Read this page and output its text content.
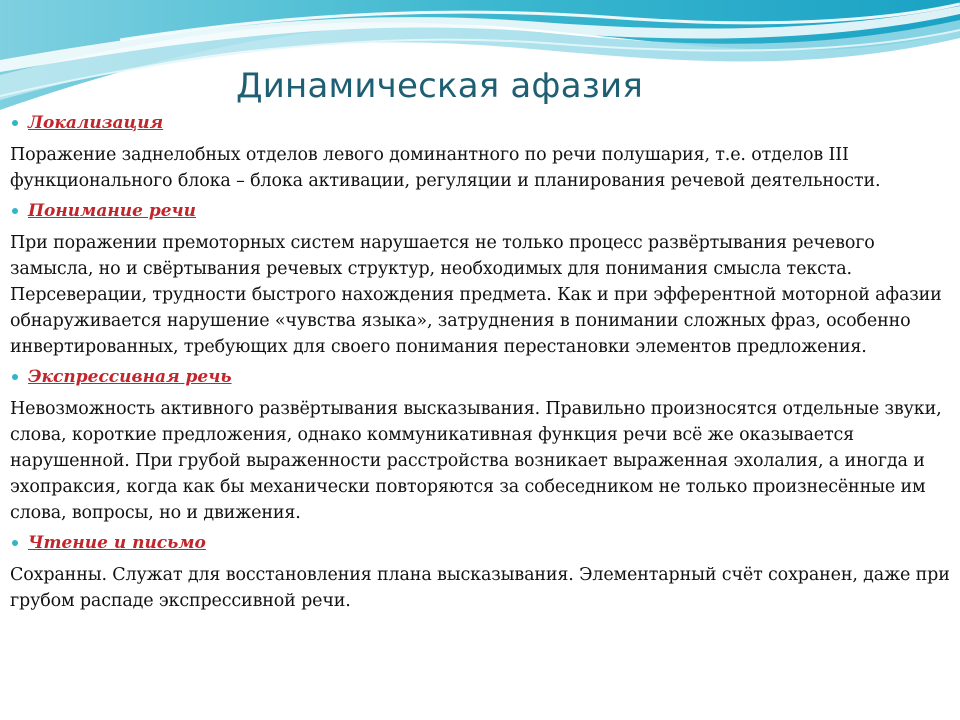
Динамическая афазия
Локализация
Поражение заднелобных отделов левого доминантного по речи полушария, т.е. отделов III функционального блока – блока активации, регуляции и планирования речевой деятельности.
Понимание речи
При поражении премоторных систем нарушается не только процесс развёртывания речевого замысла, но и свёртывания речевых структур, необходимых для понимания смысла текста. Персеверации, трудности быстрого нахождения предмета. Как и при эфферентной моторной афазии обнаруживается нарушение «чувства языка», затруднения в понимании сложных фраз, особенно инвертированных, требующих для своего понимания перестановки элементов предложения.
Экспрессивная речь
Невозможность активного развёртывания высказывания. Правильно произносятся отдельные звуки, слова, короткие предложения, однако коммуникативная функция речи всё же оказывается нарушенной. При грубой выраженности расстройства возникает выраженная эхолалия, а иногда и эхопраксия, когда как бы механически повторяются за собеседником не только произнесённые им слова, вопросы, но и движения.
Чтение и письмо
Сохранны. Служат для восстановления плана высказывания. Элементарный счёт сохранен, даже при грубом распаде экспрессивной речи.
